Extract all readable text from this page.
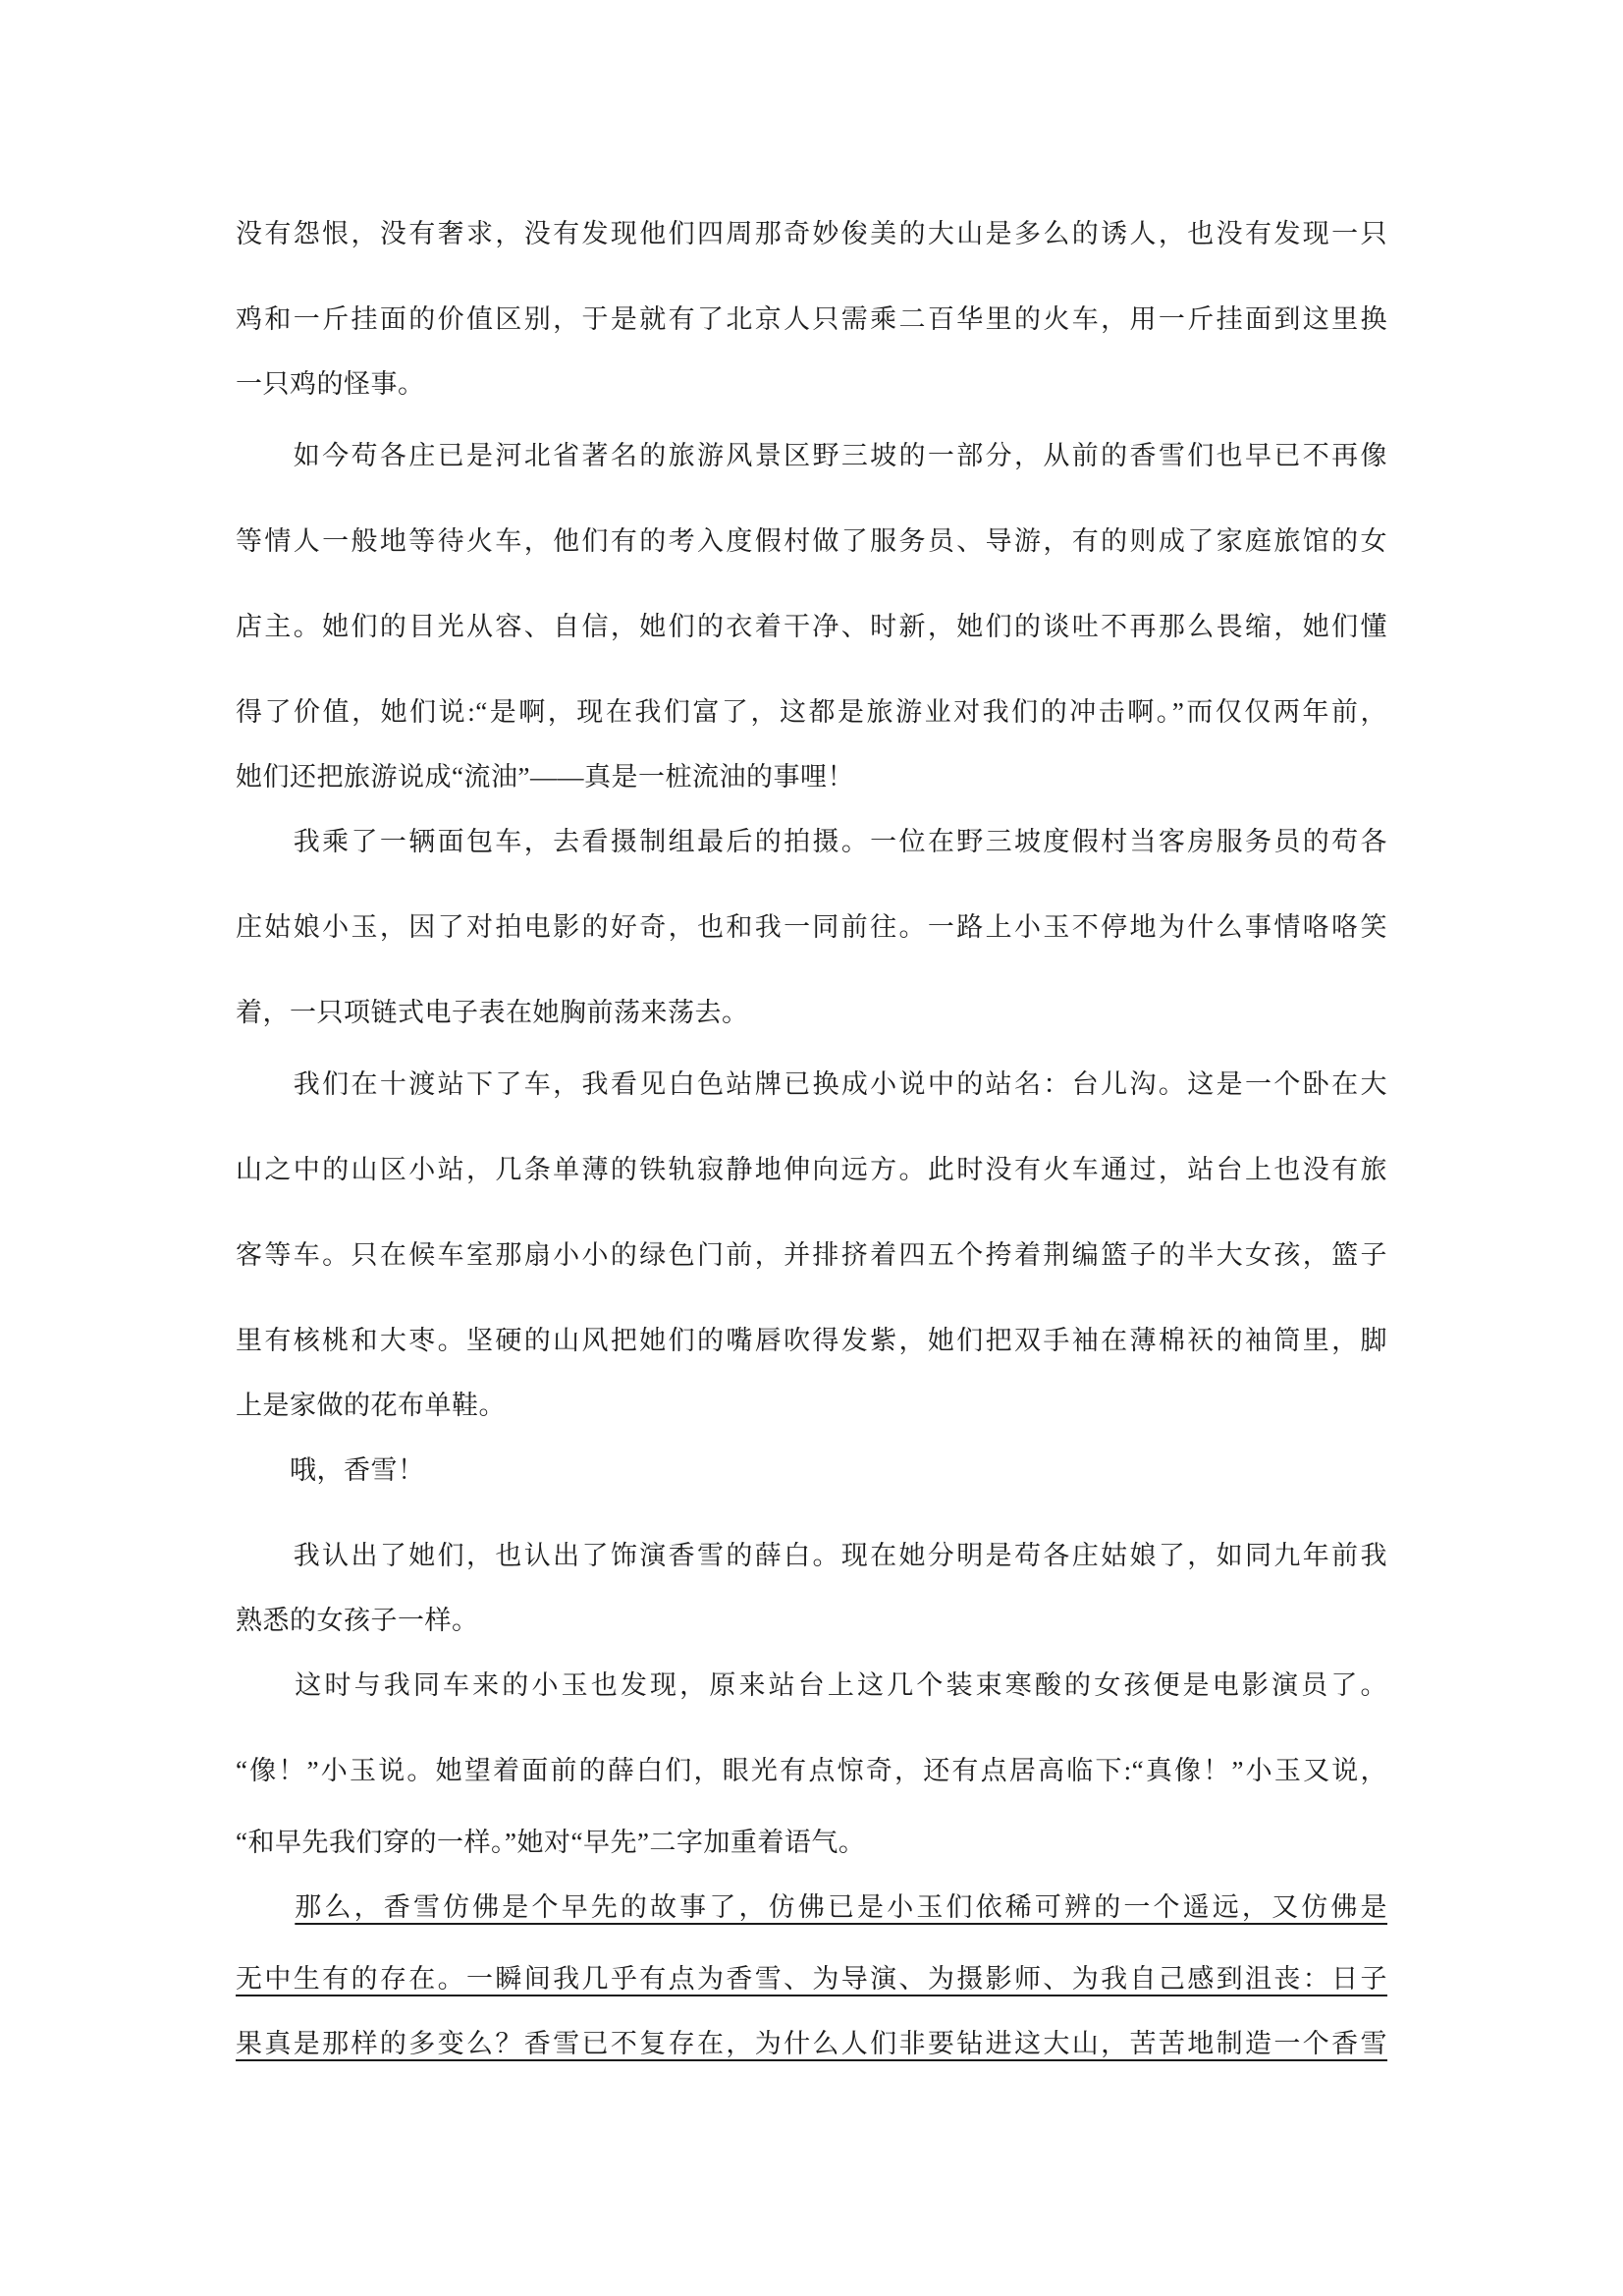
没有怨恨，没有奢求，没有发现他们四周那奇妙俊美的大山是多么的诱人，也没有发现一只
鸡和一斤挂面的价值区别，于是就有了北京人只需乘二百华里的火车，用一斤挂面到这里换
一只鸡的怪事。
　　如今苟各庄已是河北省著名的旅游风景区野三坡的一部分，从前的香雪们也早已不再像
等情人一般地等待火车，他们有的考入度假村做了服务员、导游，有的则成了家庭旅馆的女
店主。她们的目光从容、自信，她们的衣着干净、时新，她们的谈吐不再那么畏缩，她们懂
得了价值，她们说:“是啊，现在我们富了，这都是旅游业对我们的冲击啊。”而仅仅两年前，
她们还把旅游说成“流油”——真是一桩流油的事哩！
　　我乘了一辆面包车，去看摄制组最后的拍摄。一位在野三坡度假村当客房服务员的苟各
庄姑娘小玉，因了对拍电影的好奇，也和我一同前往。一路上小玉不停地为什么事情咯咯笑
着，一只项链式电子表在她胸前荡来荡去。
　　我们在十渡站下了车，我看见白色站牌已换成小说中的站名：台儿沟。这是一个卧在大
山之中的山区小站，几条单薄的铁轨寂静地伸向远方。此时没有火车通过，站台上也没有旅
客等车。只在候车室那扇小小的绿色门前，并排挤着四五个挎着荆编篮子的半大女孩，篮子
里有核桃和大枣。坚硬的山风把她们的嘴唇吹得发紫，她们把双手袖在薄棉祆的袖筒里，脚
上是家做的花布单鞋。
　　哦，香雪！
　　我认出了她们，也认出了饰演香雪的薛白。现在她分明是苟各庄姑娘了，如同九年前我
熟悉的女孩子一样。
　　这时与我同车来的小玉也发现，原来站台上这几个装束寒酸的女孩便是电影演员了。
“像！”小玉说。她望着面前的薛白们，眼光有点惊奇，还有点居高临下:“真像！”小玉又说，
“和早先我们穿的一样。”她对“早先”二字加重着语气。
　　那么，香雪仿佛是个早先的故事了，仿佛已是小玉们依稀可辨的一个遥远，又仿佛是
无中生有的存在。一瞬间我几乎有点为香雪、为导演、为摄影师、为我自己感到沮丧：日子
果真是那样的多变么？香雪已不复存在，为什么人们非要钻进这大山，苦苦地制造一个香雪
